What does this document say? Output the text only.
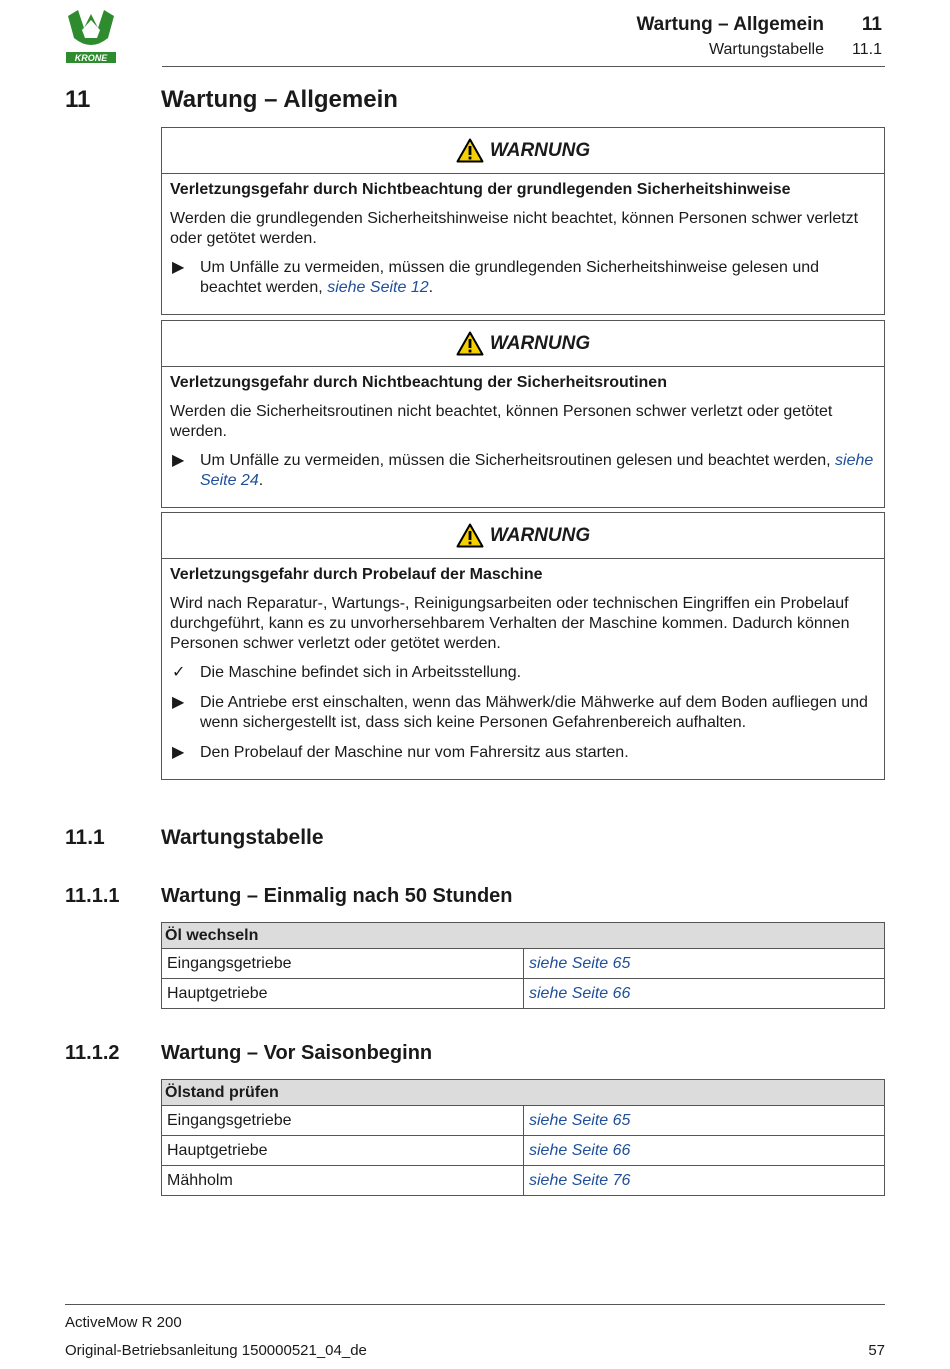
KRONE
Wartung – Allgemein 11
Wartungstabelle 11.1
11	Wartung – Allgemein
WARNUNG
Verletzungsgefahr durch Nichtbeachtung der grundlegenden Sicherheitshinweise
Werden die grundlegenden Sicherheitshinweise nicht beachtet, können Personen schwer verletzt oder getötet werden.
▶ Um Unfälle zu vermeiden, müssen die grundlegenden Sicherheitshinweise gelesen und beachtet werden, siehe Seite 12.
WARNUNG
Verletzungsgefahr durch Nichtbeachtung der Sicherheitsroutinen
Werden die Sicherheitsroutinen nicht beachtet, können Personen schwer verletzt oder getötet werden.
▶ Um Unfälle zu vermeiden, müssen die Sicherheitsroutinen gelesen und beachtet werden, siehe Seite 24.
WARNUNG
Verletzungsgefahr durch Probelauf der Maschine
Wird nach Reparatur-, Wartungs-, Reinigungsarbeiten oder technischen Eingriffen ein Probelauf durchgeführt, kann es zu unvorhersehbarem Verhalten der Maschine kommen. Dadurch können Personen schwer verletzt oder getötet werden.
✓ Die Maschine befindet sich in Arbeitsstellung.
▶ Die Antriebe erst einschalten, wenn das Mähwerk/die Mähwerke auf dem Boden aufliegen und wenn sichergestellt ist, dass sich keine Personen Gefahrenbereich aufhalten.
▶ Den Probelauf der Maschine nur vom Fahrersitz aus starten.
11.1	Wartungstabelle
11.1.1 Wartung – Einmalig nach 50 Stunden
Öl wechseln	
Eingangsgetriebe	siehe Seite 65
Hauptgetriebe	siehe Seite 66
11.1.2 Wartung – Vor Saisonbeginn
Ölstand prüfen	
Eingangsgetriebe	siehe Seite 65
Hauptgetriebe	siehe Seite 66
Mähholm	siehe Seite 76
ActiveMow R 200
Original-Betriebsanleitung 150000521_04_de	57
